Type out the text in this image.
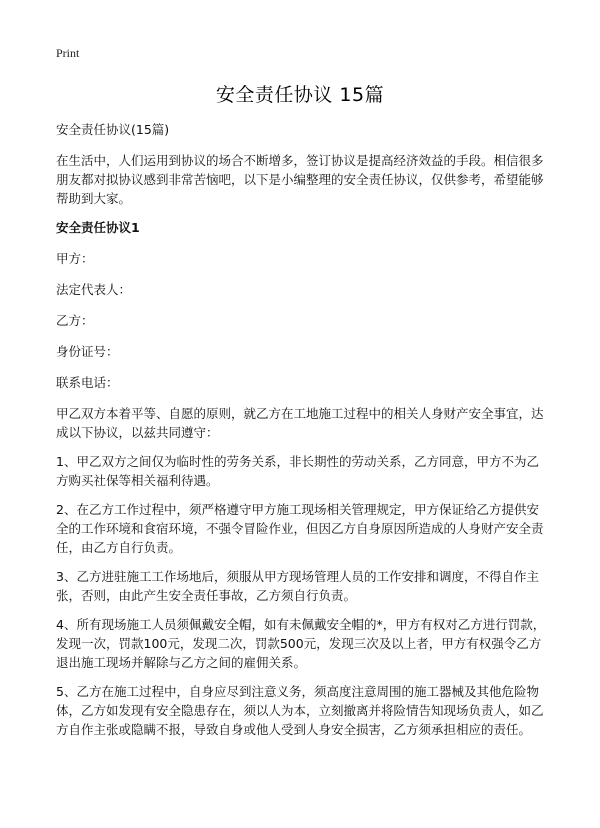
Print
安全责任协议 15篇

安全责任协议(15篇)

在生活中，人们运用到协议的场合不断增多，签订协议是提高经济效益的手段。相信很多朋友都对拟协议感到非常苦恼吧，以下是小编整理的安全责任协议，仅供参考，希望能够帮助到大家。

安全责任协议1

甲方：

法定代表人：

乙方：

身份证号：

联系电话：

甲乙双方本着平等、自愿的原则，就乙方在工地施工过程中的相关人身财产安全事宜，达成以下协议，以兹共同遵守：

1、甲乙双方之间仅为临时性的劳务关系，非长期性的劳动关系，乙方同意，甲方不为乙方购买社保等相关福利待遇。

2、在乙方工作过程中，须严格遵守甲方施工现场相关管理规定，甲方保证给乙方提供安全的工作环境和食宿环境，不强令冒险作业，但因乙方自身原因所造成的人身财产安全责任，由乙方自行负责。

3、乙方进驻施工工作场地后，须服从甲方现场管理人员的工作安排和调度，不得自作主张，否则，由此产生安全责任事故，乙方须自行负责。

4、所有现场施工人员须佩戴安全帽，如有未佩戴安全帽的*，甲方有权对乙方进行罚款，发现一次，罚款100元，发现二次，罚款500元，发现三次及以上者，甲方有权强令乙方退出施工现场并解除与乙方之间的雇佣关系。

5、乙方在施工过程中，自身应尽到注意义务，须高度注意周围的施工器械及其他危险物体，乙方如发现有安全隐患存在，须以人为本，立刻撤离并将险情告知现场负责人，如乙方自作主张或隐瞒不报，导致自身或他人受到人身安全损害，乙方须承担相应的责任。
